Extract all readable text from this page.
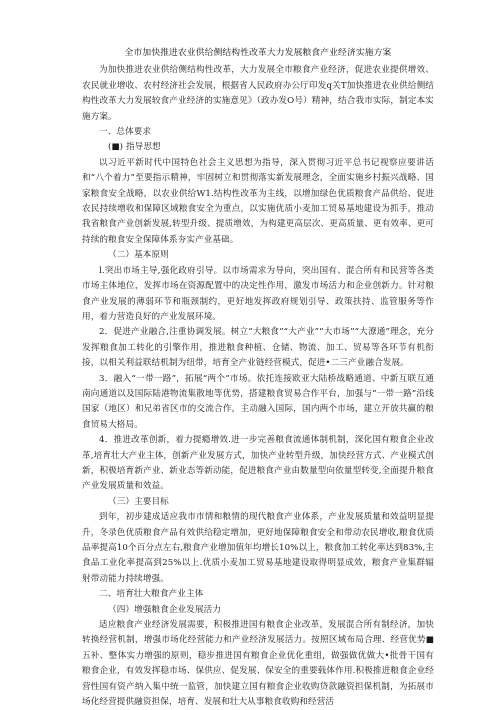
全市加快推进农业供给侧结构性改革大力发展粮食产业经济实施方案

为加快推进农业供给侧结构性改革，大力发展全市粮食产业经济，促进农业提供增效、农民就业增收、农村经济社会发展，根据省人民政府办公厅印发q关T加快推进农业供给侧结构性改革大力发展较食产业经济的实施意见》（政办发O号）精神，结合我市实际，制定本实施方案。

一、总体要求

(■) 指导思想

以习近平新时代中国特色社会主义思想为指导，深入贯彻习近平总书记视察应要讲话和“八个着力”至要指示精神，牢固树立和贯彻落实新发展理念，全面实施乡村振兴战略、国家粮食安全战略，以农业供给W1.结构性改革为主线，以增加绿色优质粮食产品供给、促进农民持续增收和保障区域粮食安全为重点，以实施优质小麦加工贸易基地建设为抓手，推动我省粮食产业创新发展,转型升级、提质增效，为构建更高层次、更高质量、更有效率、更可持续的粮食安全保障体系夯实产业基础。

（二）基本原则

l.突出市场主导,强化政府引导。以市场需求为导向，突出国有、混合所有和民营等各类市场主体地位，发挥市场在资源配置中的决定性作用，激发市场活力和企业创新力。针对粮食产业发展的薄弱环节和瓶颈制约，更好地发挥政府规划引导、政策扶持、监管服务等作用，着力营造良好的产业发展环境。

2．促进产业融合,注重协调发展。树立“大粮食”“大产业”“大市场”“大潦通”理念，充分发挥粮食加工转化的引擎作用，推进粮食种植、仓储、物流、加工、贸易等各环节有机衔接，以相关利益联结机制为纽带，培育全产业链经营模式，促进•二三产业融合发展。

3．融入“一带一路”，拓展“两个”市场。依托连接欧亚大陆桥战略通道、中新互联互通南向通道以及国际陆港物流集散地等优势，搭建粮食贸易合作平台，加强与“一带一路”沿线国家（地区）和兄弟省区市的交流合作，主动融入国际，国内两个市场，建立开放共赢的粮食贸易大格局。

4．推进改革创新，着力提瘾增效.进一步完善粮食流通体制机制，深化国有粮食企业改革,培育壮大产业主体，创新产业发展方式，加快产业转型升级，加快经营方式、产业模式创新，积极培育新产业、新业态等新动能，促进粮食产业由数量型向依量型转变,全面提升粮食产业发展质量和效益。

（三）主要目标

到年，初步建成适应我市市情和粮情的现代粮食产业体系，产业发展质量和效益明显提升，冬录色优质粮食产品有效供给稳定增加，更好地保障粮食安全和带动农民增收,粮食优质品率提高10个百分点左右,粮食产业增加值年均增长10%以上，粮食加工转化率达到83%,主食品工业化率提高到25%以上.优质小麦加工贸易基地建设取得明显成效，粮食产业集群辐射带动能力持续增强。

二、培育壮大粮食产业主体

（四）增强粮食企业发展活力

适应粮食产业经济发展需要，积极推进国有粮食企业改革，发展混合所有制经济，加快转换经营机制，增强市场化经营能力和产业经济发展活力。按照区域布局合理、经营优势■五补、整体实力增强的原则，稳步推进国有粮食企业优化重组，做强做优做大•批骨干国有粮食企业，有效发挥稳市场、保供应、促发展、保安全的重要载体作用.积极推进粮食企业经营性国有资产纳入集中统一监管，加快建立国有粮食企业收购贷款融资担保机制，为拓展市场化经营提供融资担保，培育、发展和壮大从事粮食收购和经营活
